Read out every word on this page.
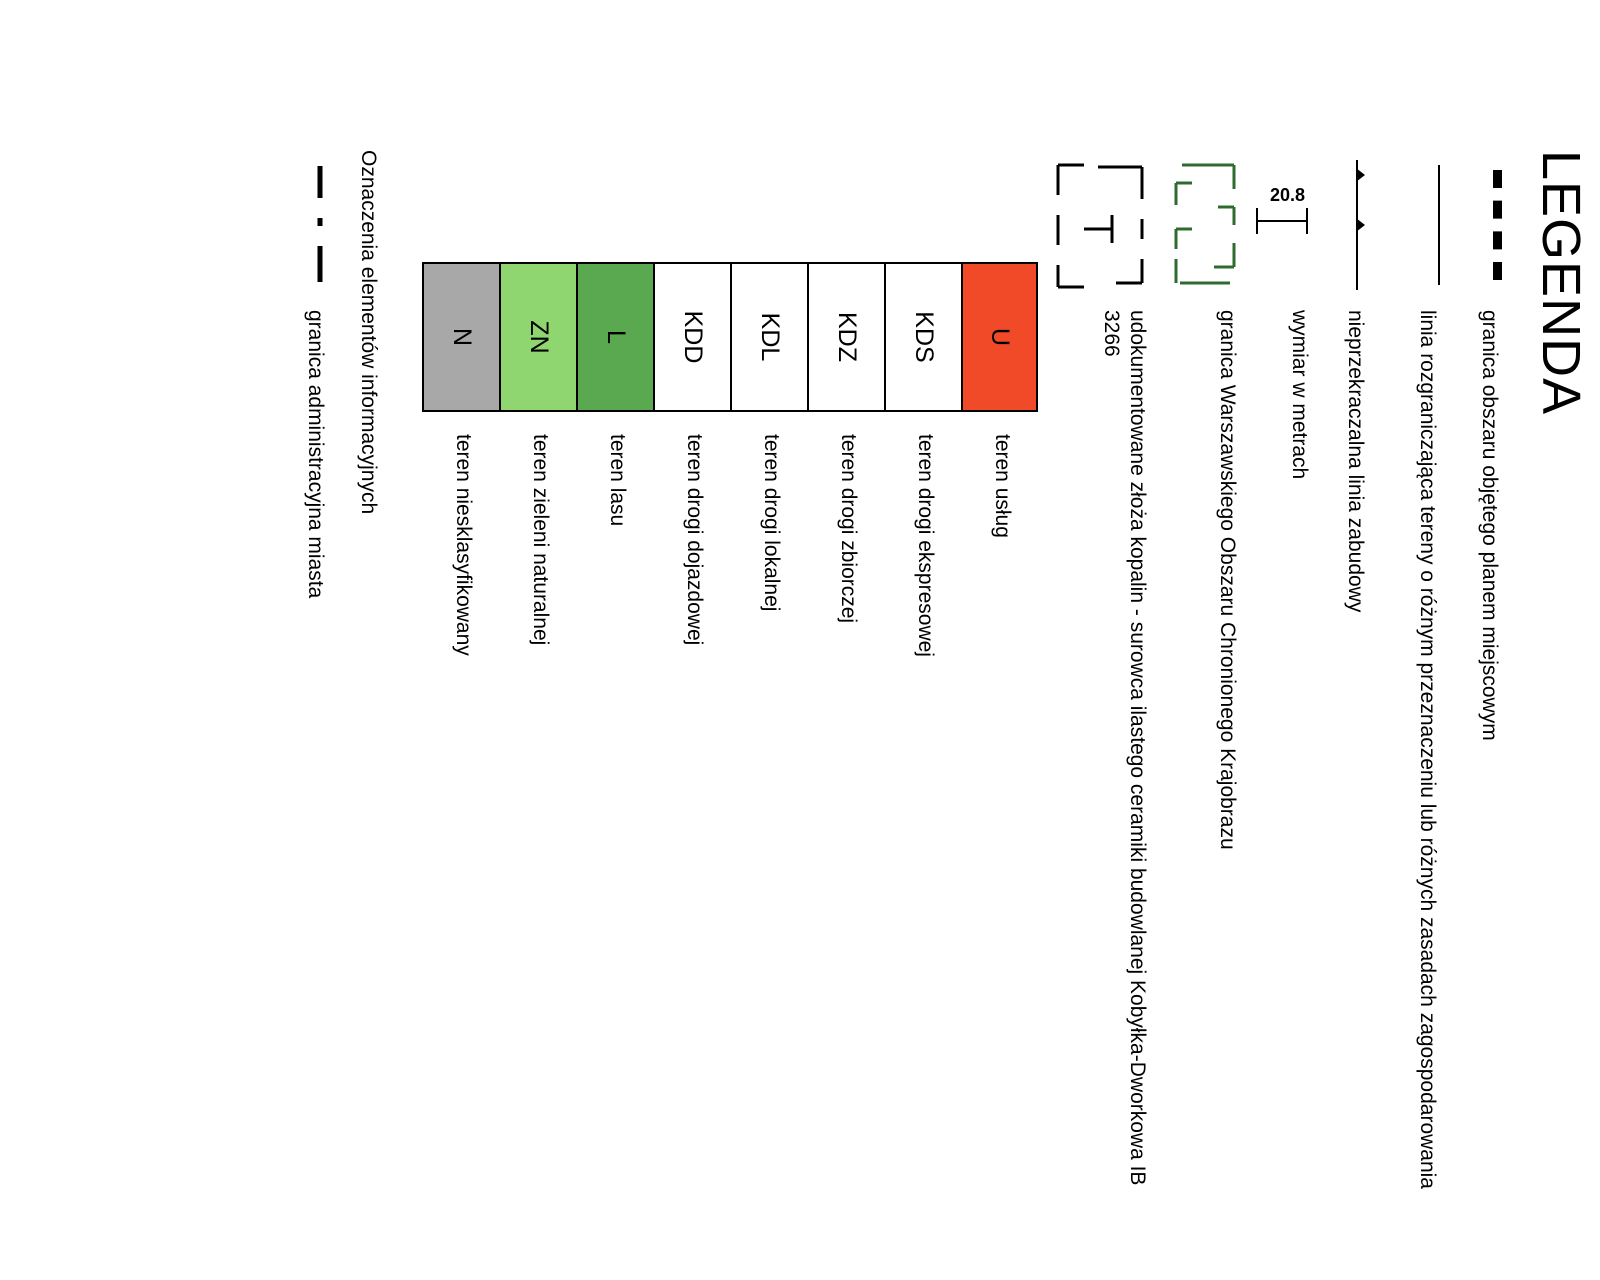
LEGENDA
granica obszaru objętego planem miejscowym
linia rozgraniczająca tereny o różnym przeznaczeniu lub różnych zasadach zagospodarowania
nieprzekraczalna linia zabudowy
20.8
wymiar w metrach
granica Warszawskiego Obszaru Chronionego Krajobrazu
udokumentowane złoża kopalin - surowca ilastego ceramiki budowlanej Kobyłka-Dworkowa IB 3266
U
KDS
KDZ
KDL
KDD
L
ZN
N
teren usług
teren drogi ekspresowej
teren drogi zbiorczej
teren drogi lokalnej
teren drogi dojazdowej
teren lasu
teren zieleni naturalnej
teren niesklasyfikowany
Oznaczenia elementów informacyjnych
granica administracyjna miasta
